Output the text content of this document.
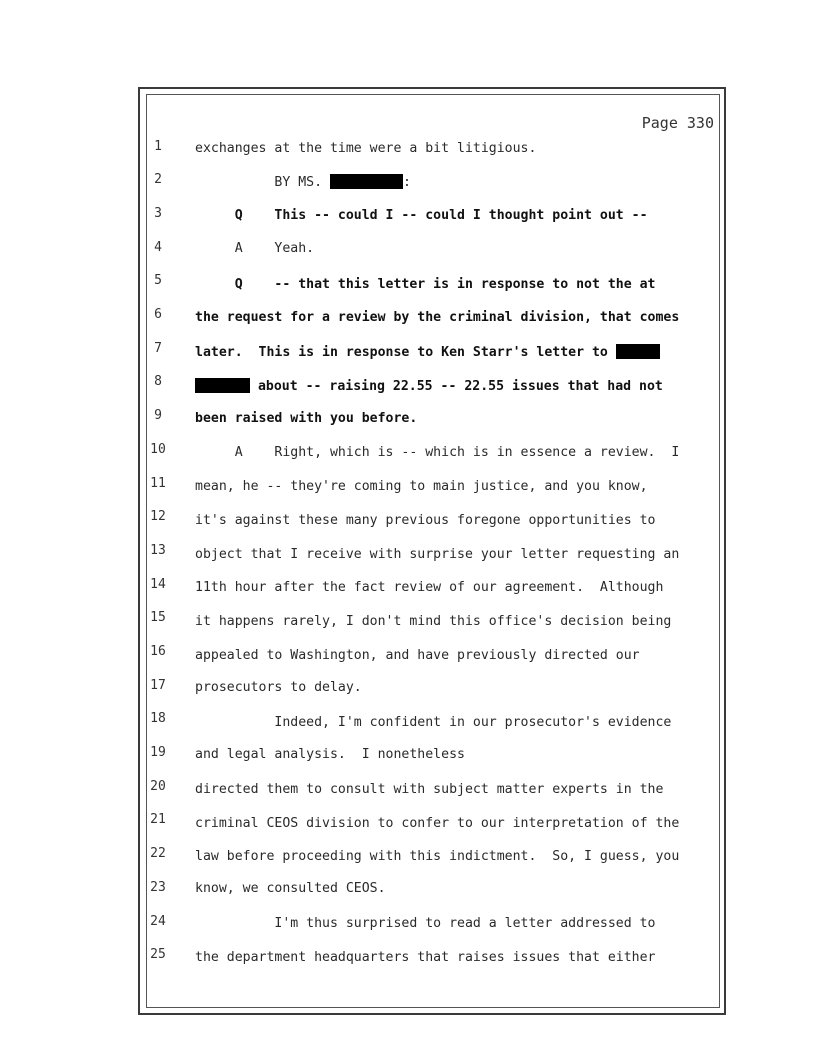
Page 330
1	exchanges at the time were a bit litigious.
2	BY MS.	:
3	Q    This -- could I -- could I thought point out --
4	A    Yeah.
5	Q    -- that this letter is in response to not the at
6	the request for a review by the criminal division, that comes
7	later.  This is in response to Ken Starr's letter to
8	about -- raising 22.55 -- 22.55 issues that had not
9	been raised with you before.
10	A    Right, which is -- which is in essence a review.  I
11	mean, he -- they're coming to main justice, and you know,
12	it's against these many previous foregone opportunities to
13	object that I receive with surprise your letter requesting an
14	11th hour after the fact review of our agreement.  Although
15	it happens rarely, I don't mind this office's decision being
16	appealed to Washington, and have previously directed our
17	prosecutors to delay.
18	Indeed, I'm confident in our prosecutor's evidence
19	and legal analysis.  I nonetheless
20	directed them to consult with subject matter experts in the
21	criminal CEOS division to confer to our interpretation of the
22	law before proceeding with this indictment.  So, I guess, you
23	know, we consulted CEOS.
24	I'm thus surprised to read a letter addressed to
25	the department headquarters that raises issues that either
